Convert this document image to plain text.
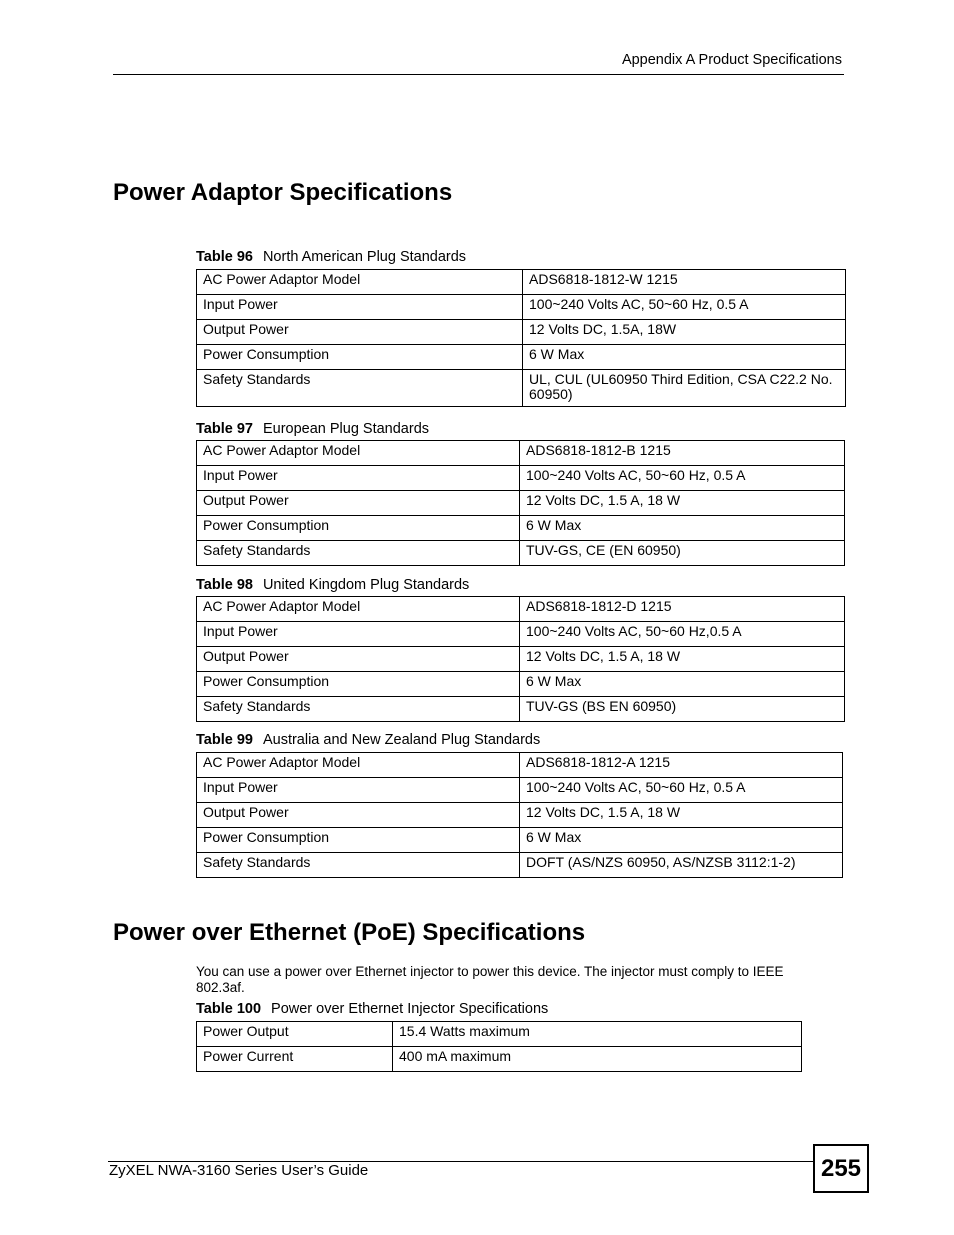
Appendix A Product Specifications
Power Adaptor Specifications
Table 96 North American Plug Standards
AC Power Adaptor Model	ADS6818-1812-W 1215
Input Power	100~240 Volts AC, 50~60 Hz, 0.5 A
Output Power	12 Volts DC, 1.5A, 18W
Power Consumption	6 W Max
Safety Standards	UL, CUL (UL60950 Third Edition, CSA C22.2 No. 60950)
Table 97 European Plug Standards
AC Power Adaptor Model	ADS6818-1812-B 1215
Input Power	100~240 Volts AC, 50~60 Hz, 0.5 A
Output Power	12 Volts DC, 1.5 A, 18 W
Power Consumption	6 W Max
Safety Standards	TUV-GS, CE (EN 60950)
Table 98 United Kingdom Plug Standards
AC Power Adaptor Model	ADS6818-1812-D 1215
Input Power	100~240 Volts AC, 50~60 Hz,0.5 A
Output Power	12 Volts DC, 1.5 A, 18 W
Power Consumption	6 W Max
Safety Standards	TUV-GS (BS EN 60950)
Table 99 Australia and New Zealand Plug Standards
AC Power Adaptor Model	ADS6818-1812-A 1215
Input Power	100~240 Volts AC, 50~60 Hz, 0.5 A
Output Power	12 Volts DC, 1.5 A, 18 W
Power Consumption	6 W Max
Safety Standards	DOFT (AS/NZS 60950, AS/NZSB 3112:1-2)
Power over Ethernet (PoE) Specifications
You can use a power over Ethernet injector to power this device. The injector must comply to IEEE 802.3af.
Table 100 Power over Ethernet Injector Specifications
Power Output	15.4 Watts maximum
Power Current	400 mA maximum
ZyXEL NWA-3160 Series User’s Guide	255
